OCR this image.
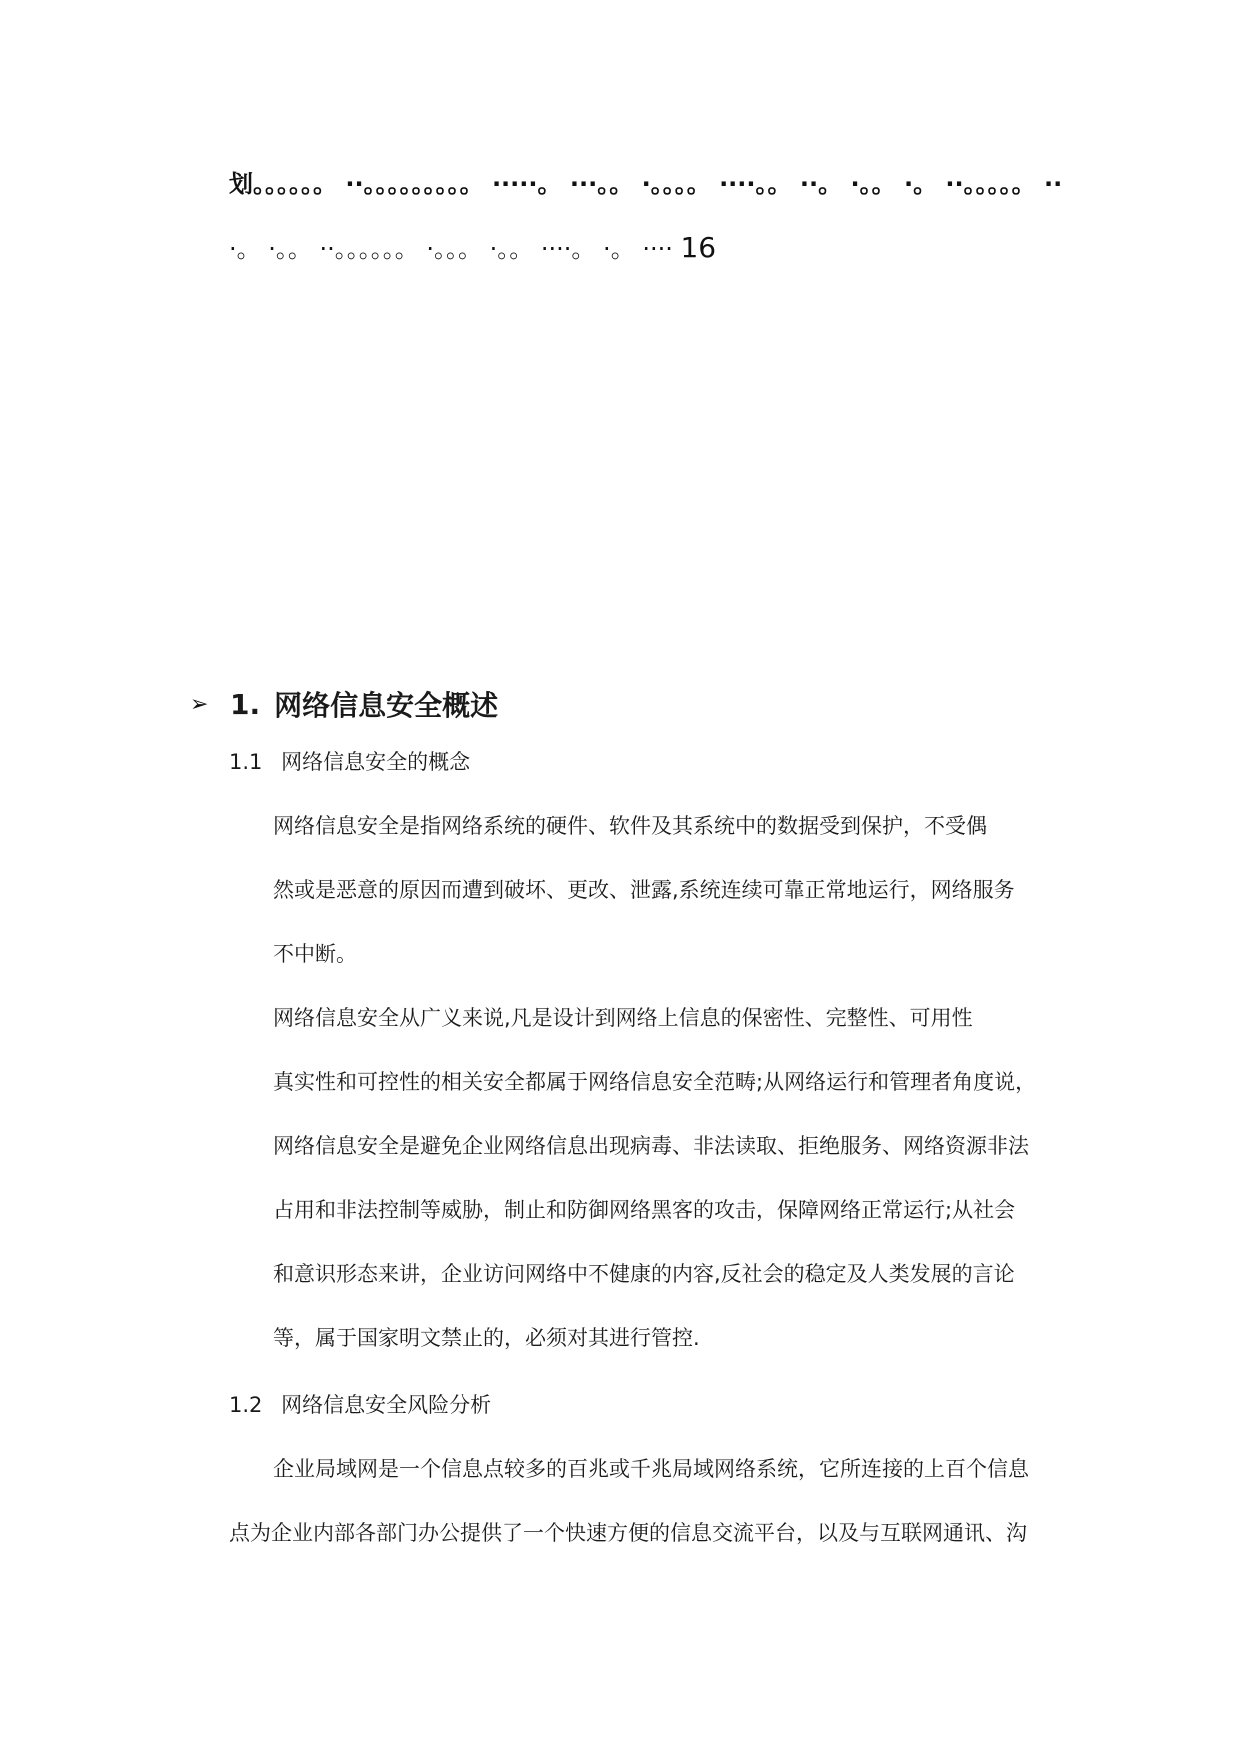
划。。。。。。 ··。。。。。。。。。 ·····。 ···。。 ·。。。。 ····。。 ··。 ·。。 ·。 ··。。。。。 ··
·。 ·。。 ··。。。。。。 ·。。。 ·。。 ····。 ·。 ···· 16
➢ 1. 网络信息安全概述
1.1 网络信息安全的概念
网络信息安全是指网络系统的硬件、软件及其系统中的数据受到保护，不受偶
然或是恶意的原因而遭到破坏、更改、泄露,系统连续可靠正常地运行，网络服务
不中断。
网络信息安全从广义来说,凡是设计到网络上信息的保密性、完整性、可用性
真实性和可控性的相关安全都属于网络信息安全范畴;从网络运行和管理者角度说，
网络信息安全是避免企业网络信息出现病毒、非法读取、拒绝服务、网络资源非法
占用和非法控制等威胁，制止和防御网络黑客的攻击，保障网络正常运行;从社会
和意识形态来讲，企业访问网络中不健康的内容,反社会的稳定及人类发展的言论
等，属于国家明文禁止的，必须对其进行管控.
1.2 网络信息安全风险分析
企业局域网是一个信息点较多的百兆或千兆局域网络系统，它所连接的上百个信息
点为企业内部各部门办公提供了一个快速方便的信息交流平台，以及与互联网通讯、沟
